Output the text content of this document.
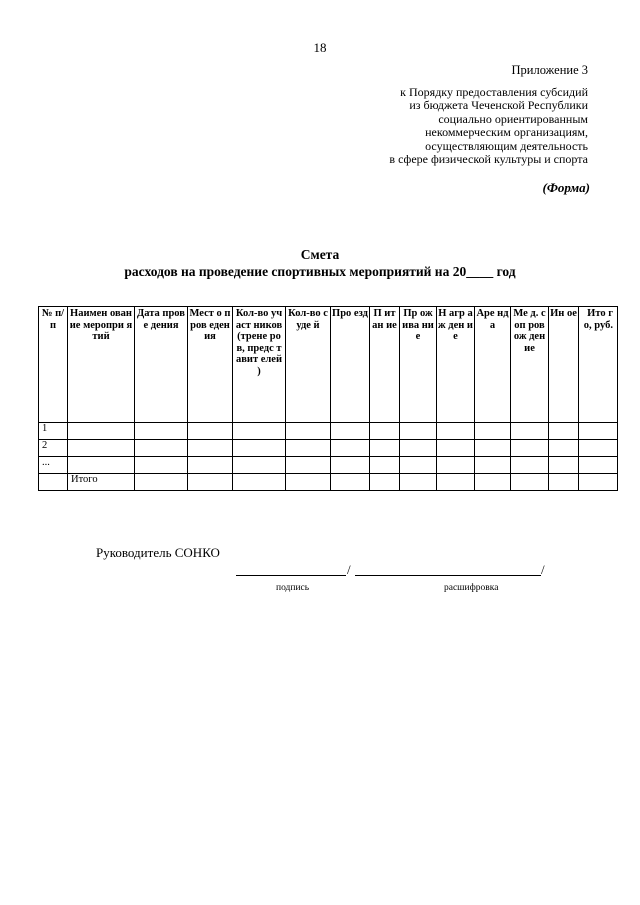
18
Приложение 3
к Порядку предоставления субсидий
из бюджета Чеченской Республики
социально ориентированным
некоммерческим организациям,
осуществляющим деятельность
в сфере физической культуры и спорта
(Форма)
Смета
расходов на проведение спортивных мероприятий на 20____ год
№ п/ п	Наимен ование меропри ятий	Дата прове дения	Мест о пров еден ия	Кол-во участ ников (трене ров, предс тавит елей )	Кол-во суде й	Про езд	П ит ан ие	Пр ож ива ние	Н агр аж ден ие	Аре нда	Ме д. соп ров ож ден ие	Ин ое	Ито го, руб.
1													
2													
...													
	Итого												
Руководитель СОНКО
/	/
подпись	расшифровка
